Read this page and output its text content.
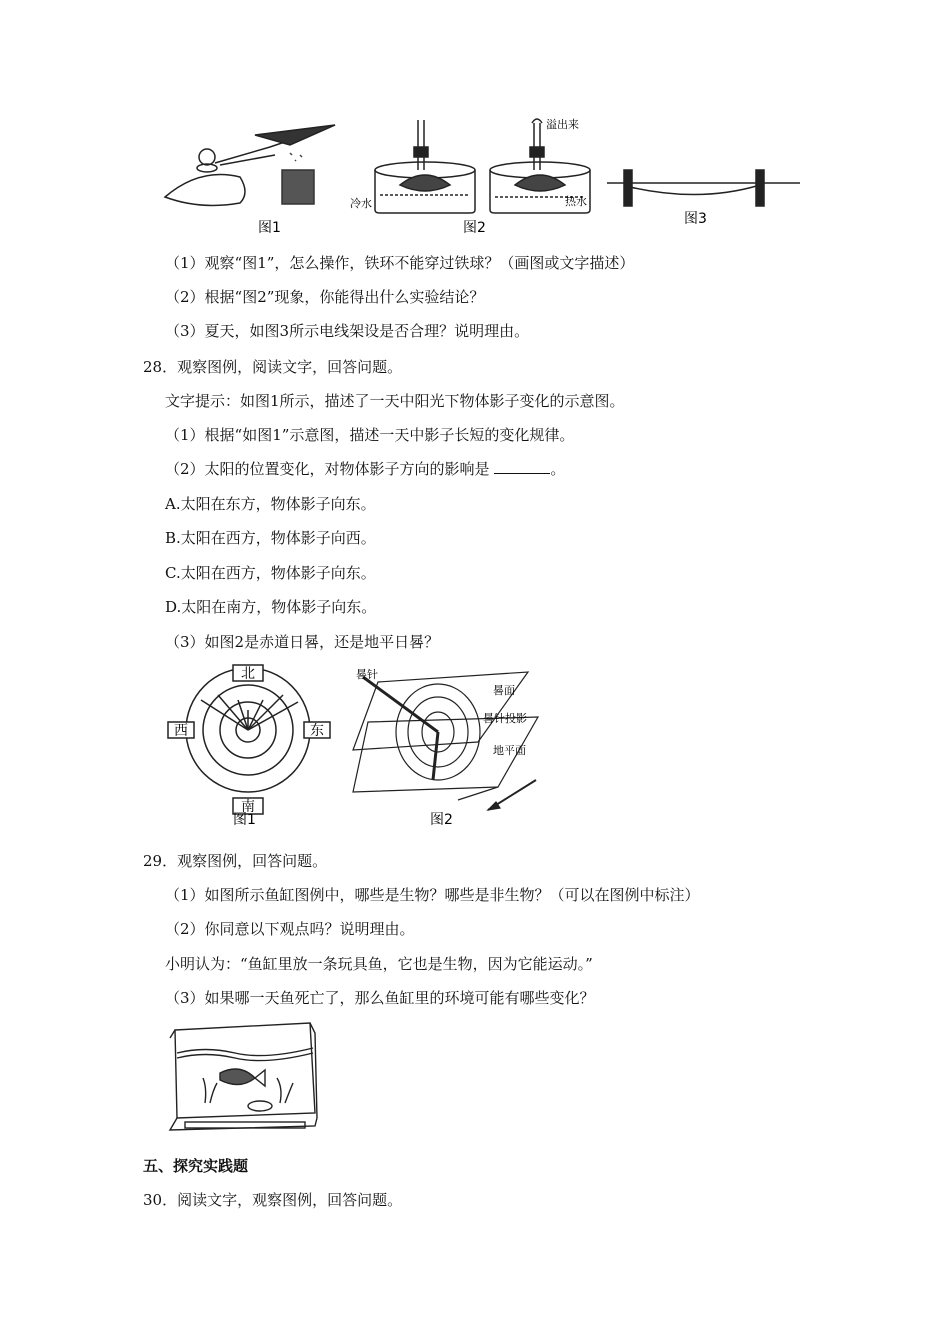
图1
冷水
溢出来
热水
图2
图3
（1）观察“图1”，怎么操作，铁环不能穿过铁球？（画图或文字描述）
（2）根据“图2”现象，你能得出什么实验结论？
（3）夏天，如图3所示电线架设是否合理？说明理由。
28．观察图例，阅读文字，回答问题。
文字提示：如图1所示，描述了一天中阳光下物体影子变化的示意图。
（1）根据“如图1”示意图，描述一天中影子长短的变化规律。
（2）太阳的位置变化，对物体影子方向的影响是	。
A.太阳在东方，物体影子向东。
B.太阳在西方，物体影子向西。
C.太阳在西方，物体影子向东。
D.太阳在南方，物体影子向东。
（3）如图2是赤道日晷，还是地平日晷？
北
南
西	东
图1
晷针
晷面
晷针投影
地平面
图2
29．观察图例，回答问题。
（1）如图所示鱼缸图例中，哪些是生物？哪些是非生物？（可以在图例中标注）
（2）你同意以下观点吗？说明理由。
小明认为：“鱼缸里放一条玩具鱼，它也是生物，因为它能运动。”
（3）如果哪一天鱼死亡了，那么鱼缸里的环境可能有哪些变化？
五、探究实践题
30．阅读文字，观察图例，回答问题。
